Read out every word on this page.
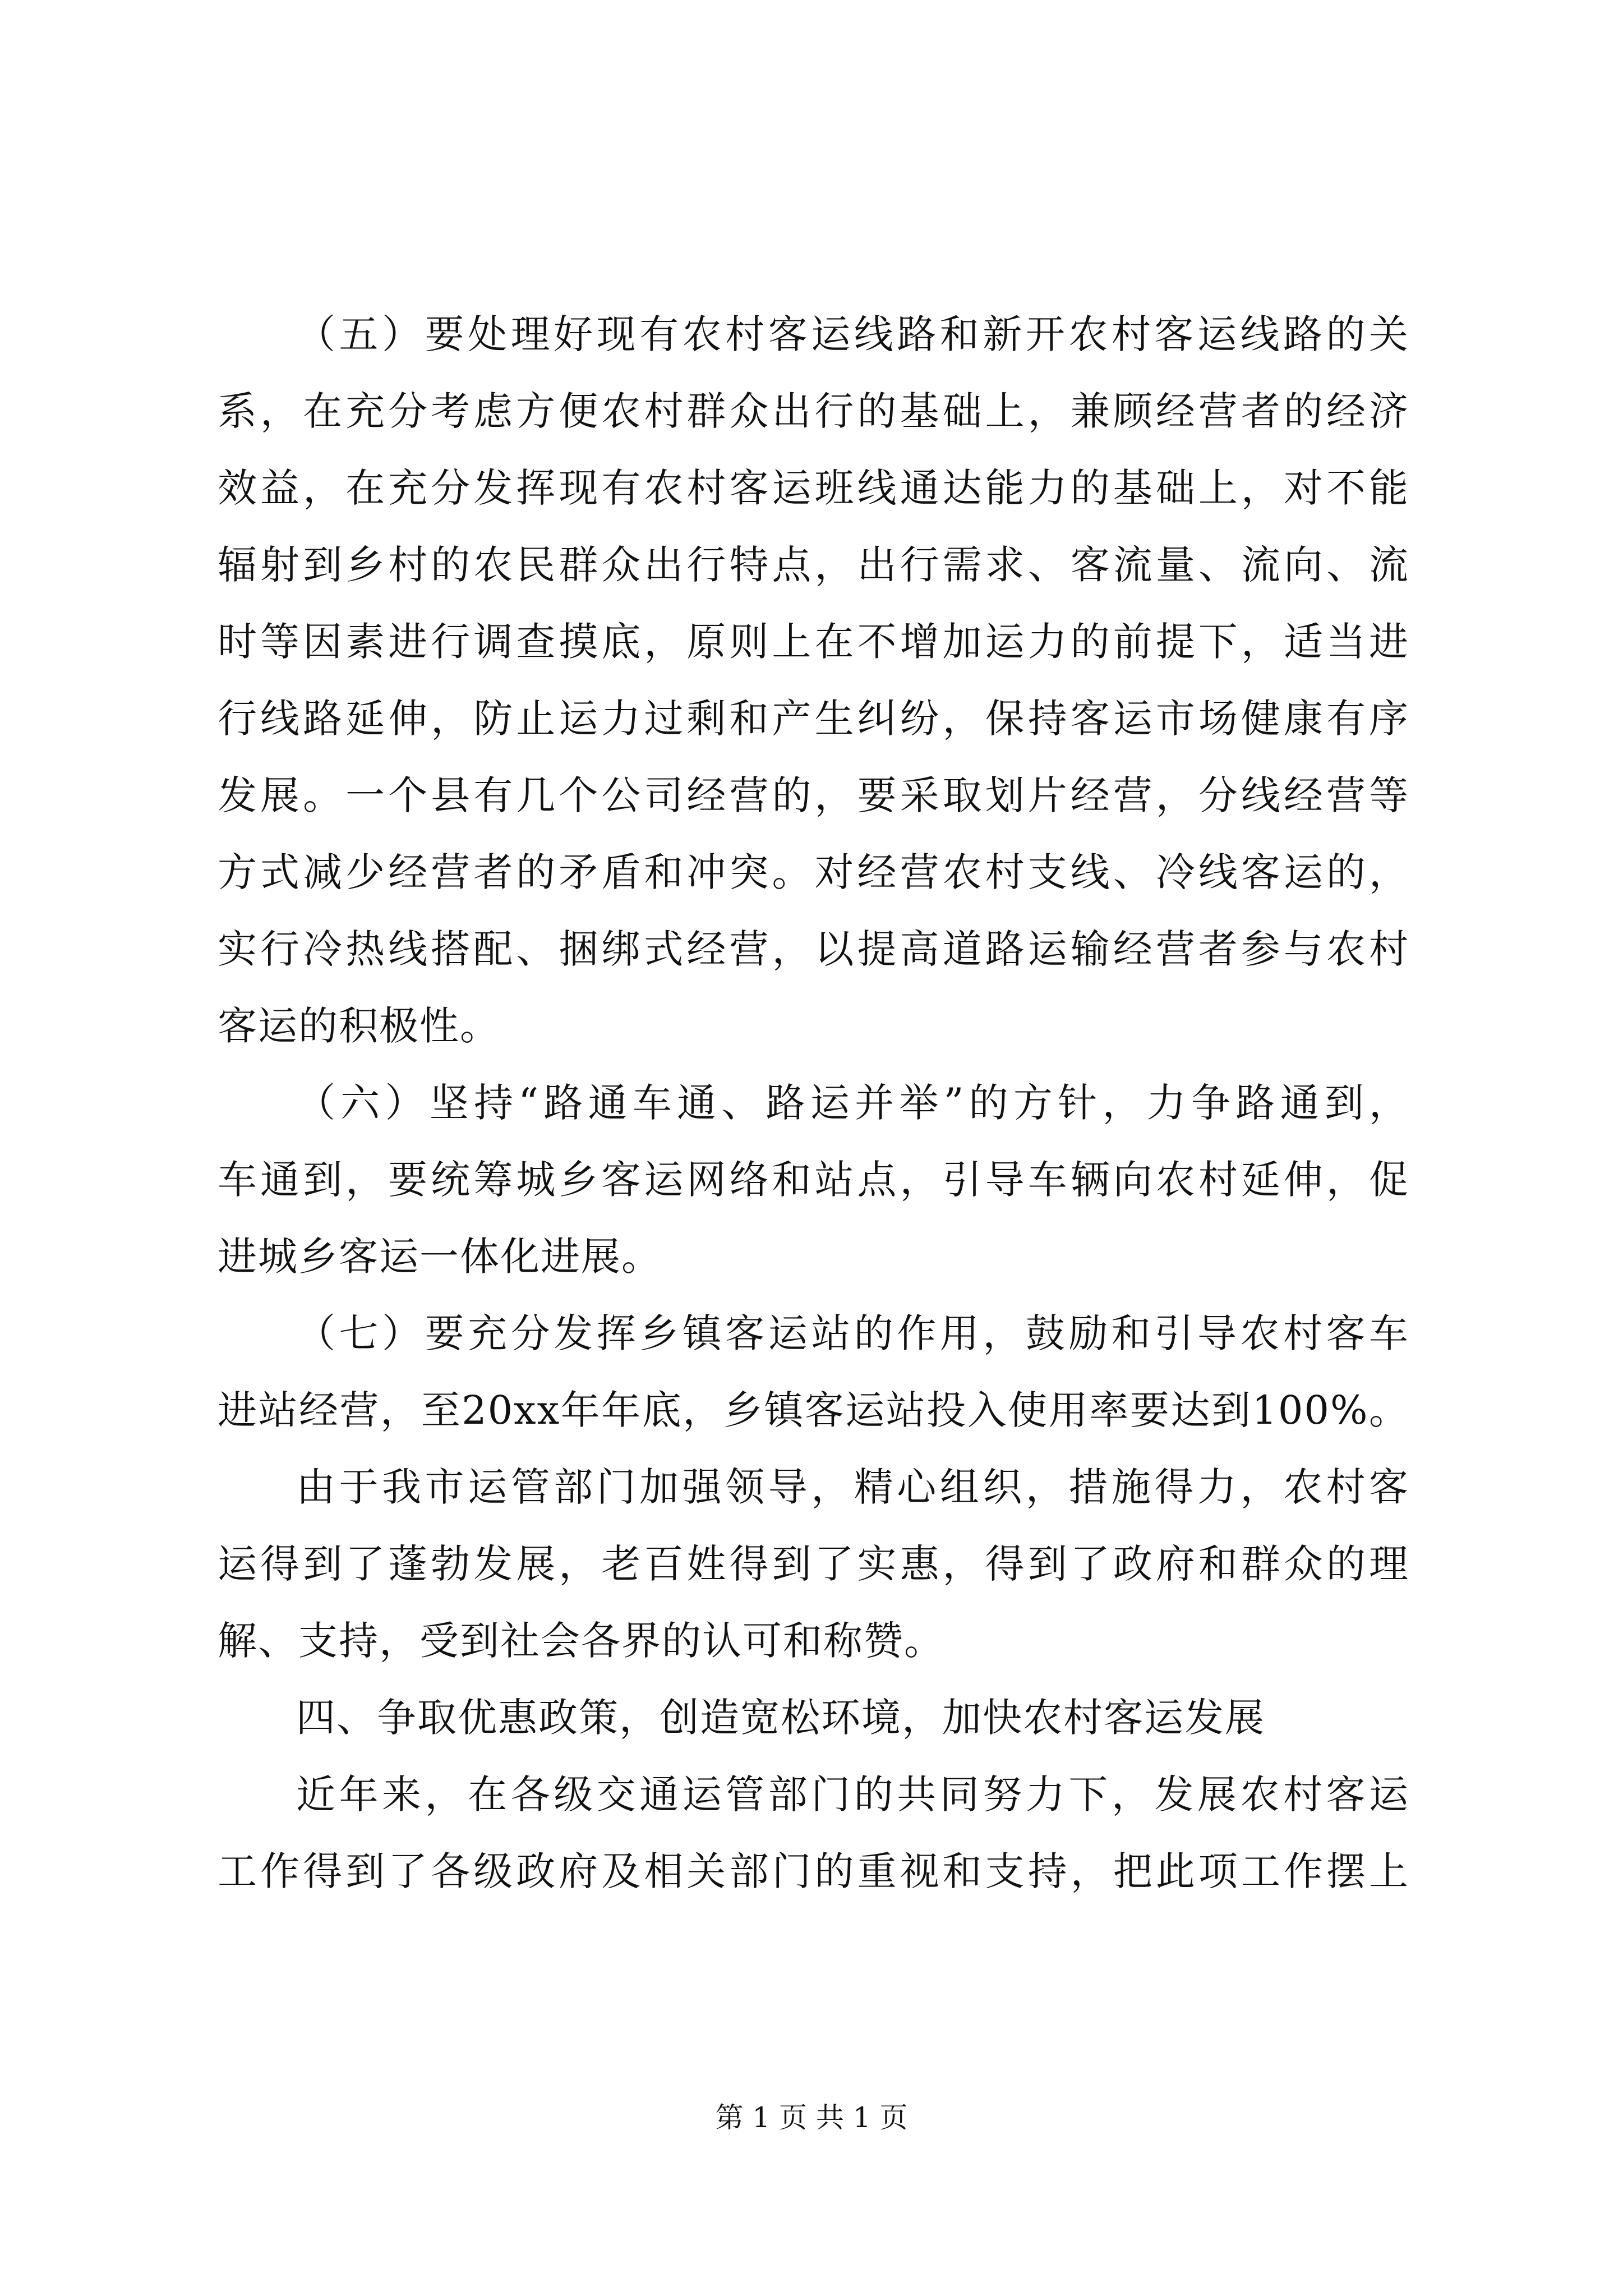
（五）要处理好现有农村客运线路和新开农村客运线路的关
系，在充分考虑方便农村群众出行的基础上，兼顾经营者的经济
效益，在充分发挥现有农村客运班线通达能力的基础上，对不能
辐射到乡村的农民群众出行特点，出行需求、客流量、流向、流
时等因素进行调查摸底，原则上在不增加运力的前提下，适当进
行线路延伸，防止运力过剩和产生纠纷，保持客运市场健康有序
发展。一个县有几个公司经营的，要采取划片经营，分线经营等
方式减少经营者的矛盾和冲突。对经营农村支线、冷线客运的，
实行冷热线搭配、捆绑式经营，以提高道路运输经营者参与农村
客运的积极性。
（六）坚持“路通车通、路运并举”的方针，力争路通到，
车通到，要统筹城乡客运网络和站点，引导车辆向农村延伸，促
进城乡客运一体化进展。
（七）要充分发挥乡镇客运站的作用，鼓励和引导农村客车
进站经营，至20xx年年底，乡镇客运站投入使用率要达到100%。
由于我市运管部门加强领导，精心组织，措施得力，农村客
运得到了蓬勃发展，老百姓得到了实惠，得到了政府和群众的理
解、支持，受到社会各界的认可和称赞。
四、争取优惠政策，创造宽松环境，加快农村客运发展
近年来，在各级交通运管部门的共同努力下，发展农村客运
工作得到了各级政府及相关部门的重视和支持，把此项工作摆上
第 1 页 共 1 页
